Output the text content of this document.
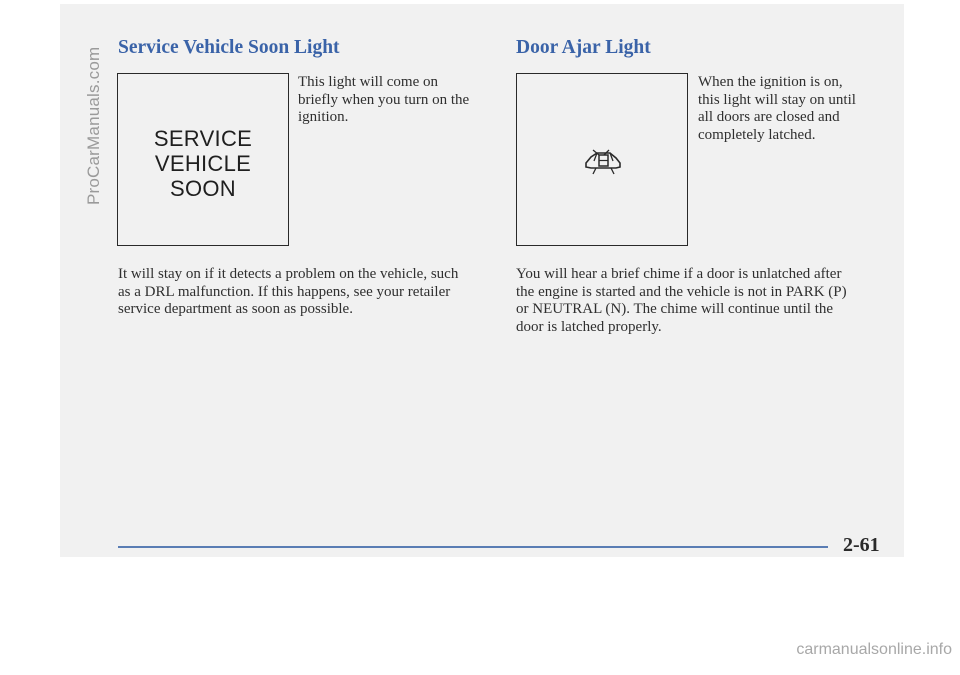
ProCarManuals.com Service Vehicle Soon Light
SERVICE
VEHICLE
SOON
This light will come on
briefly when you turn on the
ignition.
It will stay on if it detects a problem on the vehicle, such
as a DRL malfunction. If this happens, see your retailer
service department as soon as possible.
Door Ajar Light
When the ignition is on,
this light will stay on until
all doors are closed and
completely latched.
You will hear a brief chime if a door is unlatched after
the engine is started and the vehicle is not in PARK (P)
or NEUTRAL (N). The chime will continue until the
door is latched properly.
2-61
carmanualsonline.info
